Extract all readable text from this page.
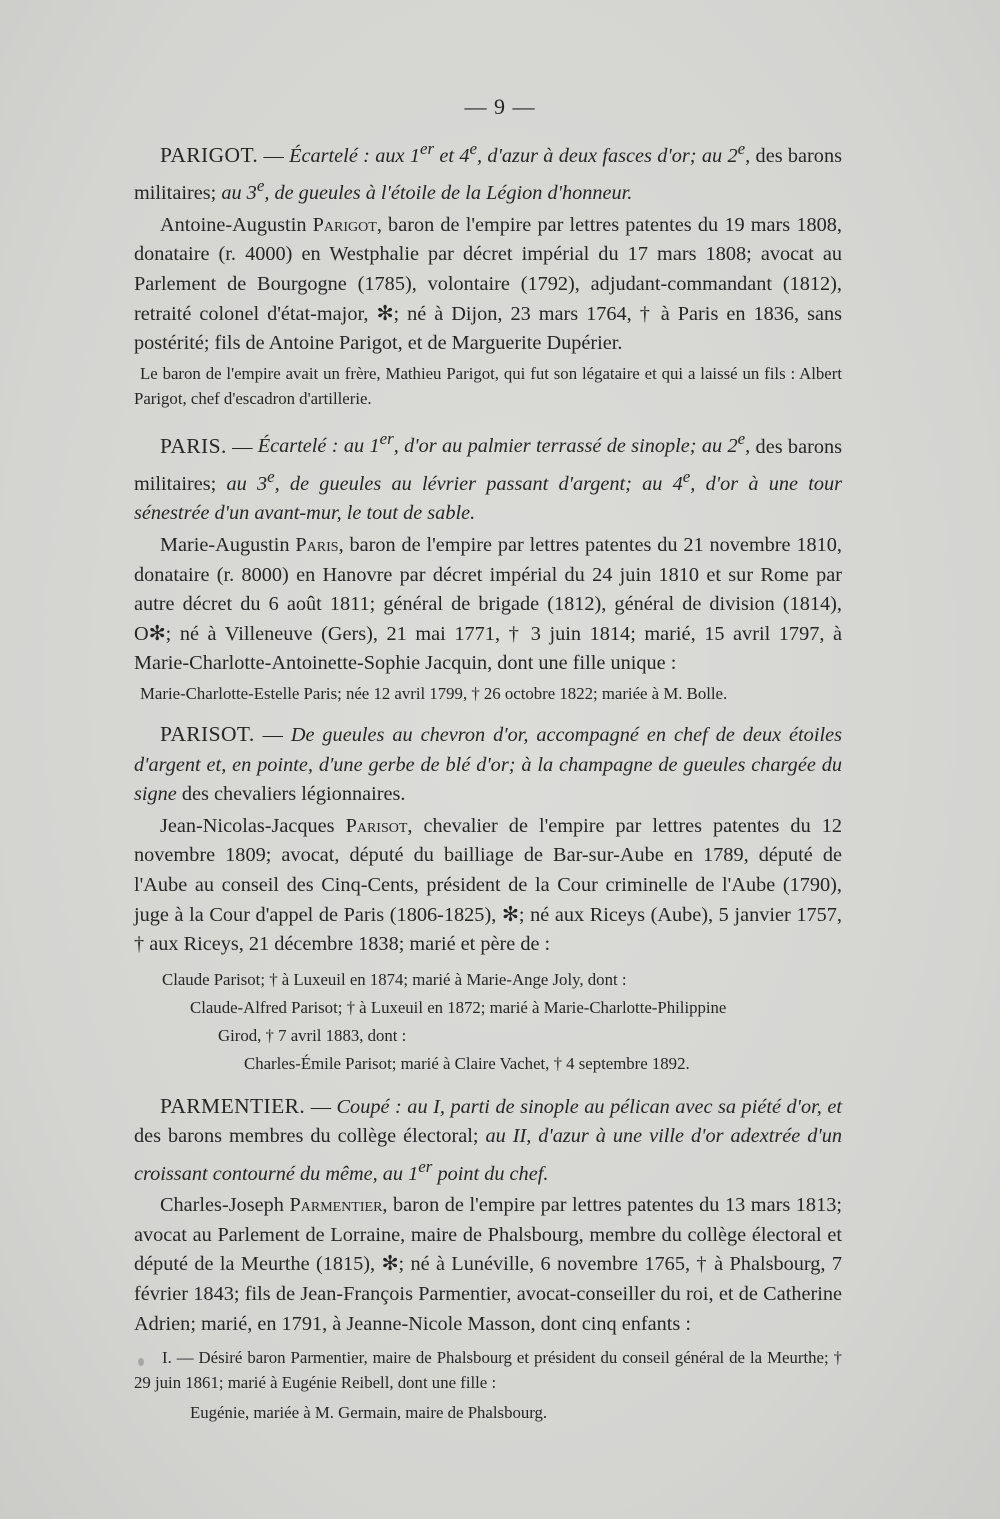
— 9 —

PARIGOT. — Écartelé : aux 1er et 4e, d'azur à deux fasces d'or; au 2e, des barons militaires; au 3e, de gueules à l'étoile de la Légion d'honneur.

Antoine-Augustin Parigot, baron de l'empire par lettres patentes du 19 mars 1808, donataire (r. 4000) en Westphalie par décret impérial du 17 mars 1808; avocat au Parlement de Bourgogne (1785), volontaire (1792), adjudant-commandant (1812), retraité colonel d'état-major, ✻; né à Dijon, 23 mars 1764, † à Paris en 1836, sans postérité; fils de Antoine Parigot, et de Marguerite Dupérier.

Le baron de l'empire avait un frère, Mathieu Parigot, qui fut son légataire et qui a laissé un fils : Albert Parigot, chef d'escadron d'artillerie.

PARIS. — Écartelé : au 1er, d'or au palmier terrassé de sinople; au 2e, des barons militaires; au 3e, de gueules au lévrier passant d'argent; au 4e, d'or à une tour sénestrée d'un avant-mur, le tout de sable.

Marie-Augustin Paris, baron de l'empire par lettres patentes du 21 novembre 1810, donataire (r. 8000) en Hanovre par décret impérial du 24 juin 1810 et sur Rome par autre décret du 6 août 1811; général de brigade (1812), général de division (1814), O✻; né à Villeneuve (Gers), 21 mai 1771, † 3 juin 1814; marié, 15 avril 1797, à Marie-Charlotte-Antoinette-Sophie Jacquin, dont une fille unique :

Marie-Charlotte-Estelle Paris; née 12 avril 1799, † 26 octobre 1822; mariée à M. Bolle.

PARISOT. — De gueules au chevron d'or, accompagné en chef de deux étoiles d'argent et, en pointe, d'une gerbe de blé d'or; à la champagne de gueules chargée du signe des chevaliers légionnaires.

Jean-Nicolas-Jacques Parisot, chevalier de l'empire par lettres patentes du 12 novembre 1809; avocat, député du bailliage de Bar-sur-Aube en 1789, député de l'Aube au conseil des Cinq-Cents, président de la Cour criminelle de l'Aube (1790), juge à la Cour d'appel de Paris (1806-1825), ✻; né aux Riceys (Aube), 5 janvier 1757, † aux Riceys, 21 décembre 1838; marié et père de :

Claude Parisot; † à Luxeuil en 1874; marié à Marie-Ange Joly, dont :

Claude-Alfred Parisot; † à Luxeuil en 1872; marié à Marie-Charlotte-Philippine
Girod, † 7 avril 1883, dont :

Charles-Émile Parisot; marié à Claire Vachet, † 4 septembre 1892.

PARMENTIER. — Coupé : au I, parti de sinople au pélican avec sa piété d'or, et des barons membres du collège électoral; au II, d'azur à une ville d'or adextrée d'un croissant contourné du même, au 1er point du chef.

Charles-Joseph Parmentier, baron de l'empire par lettres patentes du 13 mars 1813; avocat au Parlement de Lorraine, maire de Phalsbourg, membre du collège électoral et député de la Meurthe (1815), ✻; né à Lunéville, 6 novembre 1765, † à Phalsbourg, 7 février 1843; fils de Jean-François Parmentier, avocat-conseiller du roi, et de Catherine Adrien; marié, en 1791, à Jeanne-Nicole Masson, dont cinq enfants :

I. — Désiré baron Parmentier, maire de Phalsbourg et président du conseil général de la Meurthe; † 29 juin 1861; marié à Eugénie Reibell, dont une fille :

Eugénie, mariée à M. Germain, maire de Phalsbourg.
